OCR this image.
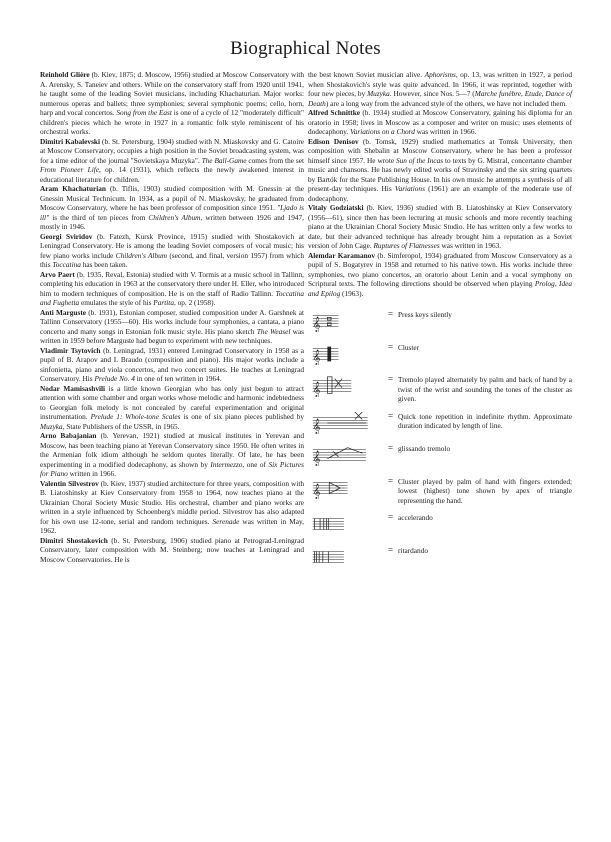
Biographical Notes

Reinhold Glière (b. Kiev, 1875; d. Moscow, 1956) studied at Moscow Conservatory with A. Arensky, S. Taneiev and others. While on the conservatory staff from 1920 until 1941, he taught some of the leading Soviet musicians, including Khachaturian. Major works: numerous operas and ballets; three symphonies; several symphonic poems; cello, horn, harp and vocal concertos. Song from the East is one of a cycle of 12 "moderately difficult" children's pieces which he wrote in 1927 in a romantic folk style reminiscent of his orchestral works.

Dimitri Kabalevski (b. St. Petersburg, 1904) studied with N. Miaskovsky and G. Catoire at Moscow Conservatory, occupies a high position in the Soviet broadcasting system, was for a time editor of the journal "Sovietskaya Muzyka". The Ball-Game comes from the set From Pioneer Life, op. 14 (1931), which reflects the newly awakened interest in educational literature for children.

Aram Khachaturian (b. Tiflis, 1903) studied composition with M. Gnessin at the Gnessin Musical Technicum. In 1934, as a pupil of N. Miaskovsky, he graduated from Moscow Conservatory, where he has been professor of composition since 1951. "Ljado is ill" is the third of ten pieces from Children's Album, written between 1926 and 1947, mostly in 1946.

Georgi Sviridov (b. Fatezh, Kursk Province, 1915) studied with Shostakovich at Leningrad Conservatory. He is among the leading Soviet composers of vocal music; his few piano works include Children's Album (second, and final, version 1957) from which this Toccatina has been taken.

Arvo Paert (b. 1935, Reval, Estonia) studied with V. Tormis at a music school in Tallinn, completing his education in 1963 at the conservatory there under H. Eller, who introduced him to modern techniques of composition. He is on the staff of Radio Tallinn. Toccatina and Fughetta emulates the style of his Partita, op. 2 (1958).

Anti Marguste (b. 1931), Estonian composer, studied composition under A. Garshnek at Tallinn Conservatory (1955—60). His works include four symphonies, a cantata, a piano concerto and many songs in Estonian folk music style. His piano sketch The Weasel was written in 1959 before Marguste had begun to experiment with new techniques.

Vladimir Tsytovich (b. Leningrad, 1931) entered Leningrad Conservatory in 1958 as a pupil of B. Arapov and I. Braudo (composition and piano). His major works include a sinfonietta, piano and viola concertos, and two concert suites. He teaches at Leningrad Conservatory. His Prelude No. 4 in one of ten written in 1964.

Nodar Mamisashvili is a little known Georgian who has only just begun to attract attention with some chamber and organ works whose melodic and harmonic indebtedness to Georgian folk melody is not concealed by careful experimentation and original instrumentation. Prelude 1: Whole-tone Scales is one of six piano pieces published by Muzyka, State Publishers of the USSR, in 1965.

Arno Babajanian (b. Yerevan, 1921) studied at musical institutes in Yerevan and Moscow, has been teaching piano at Yerevan Conservatory since 1950. He often writes in the Armenian folk idiom although he seldom quotes literally. Of late, he has been experimenting in a modified dodecaphony, as shown by Intermezzo, one of Six Pictures for Piano written in 1966.

Valentin Silvestrov (b. Kiev, 1937) studied architecture for three years, composition with B. Liatoshinsky at Kiev Conservatory from 1958 to 1964, now teaches piano at the Ukrainian Choral Society Music Studio. His orchestral, chamber and piano works are written in a style influenced by Schoenberg's middle period. Silvestrov has also adapted for his own use 12-tone, serial and random techniques. Serenade was written in May, 1962.

Dimitri Shostakovich (b. St. Petersburg, 1906) studied piano at Petrograd-Leningrad Conservatory, later composition with M. Steinberg; now teaches at Leningrad and Moscow Conservatories. He is

the best known Soviet musician alive. Aphorisms, op. 13, was written in 1927, a period when Shostakovich's style was quite advanced. In 1966, it was reprinted, together with four new pieces, by Muzyka. However, since Nos. 5—7 (Marche funèbre, Etude, Dance of Death) are a long way from the advanced style of the others, we have not included them.

Alfred Schnittke (b. 1934) studied at Moscow Conservatory, gaining his diploma for an oratorio in 1958; lives in Moscow as a composer and writer on music; uses elements of dodecaphony. Variations on a Chord was written in 1966.

Edison Denisov (b. Tomsk, 1929) studied mathematics at Tomsk University, then composition with Shebalin at Moscow Conservatory, where he has been a professor himself since 1957. He wrote Sun of the Incas to texts by G. Mistral, concertante chamber music and chansons. He has newly edited works of Stravinsky and the six string quartets by Bartók for the State Publishing House. In his own music he attempts a synthesis of all present-day techniques. His Variations (1961) are an example of the moderate use of dodecaphony.

Vitaly Godziatski (b. Kiev, 1936) studied with B. Liatoshinsky at Kiev Conservatory (1956—61), since then has been lecturing at music schools and more recently teaching piano at the Ukrainian Choral Society Music Studio. He has written only a few works to date, but their advanced technique has already brought him a reputation as a Soviet version of John Cage. Ruptures of Flatnesses was written in 1963.

Alemdar Karamanov (b. Simferopol, 1934) graduated from Moscow Conservatory as a pupil of S. Bogatyrev in 1958 and returned to his native town. His works include three symphonies, two piano concertos, an oratorio about Lenin and a vocal symphony on Scriptural texts. The following directions should be observed when playing Prolog, Idea and Epilog (1963).

𝄞
= Press keys silently
𝄞
= Cluster
𝄞
= Tremolo played alternately by palm and back of hand by a twist of the wrist and sounding the tones of the cluster as given.
𝄞
= Quick tone repetition in indefinite rhythm. Approximate duration indicated by length of line.
𝄞
= glissando tremolo
𝄞
= Cluster played by palm of hand with fingers extended; lowest (highest) tone shown by apex of triangle representing the hand.
= accelerando
= ritardando
